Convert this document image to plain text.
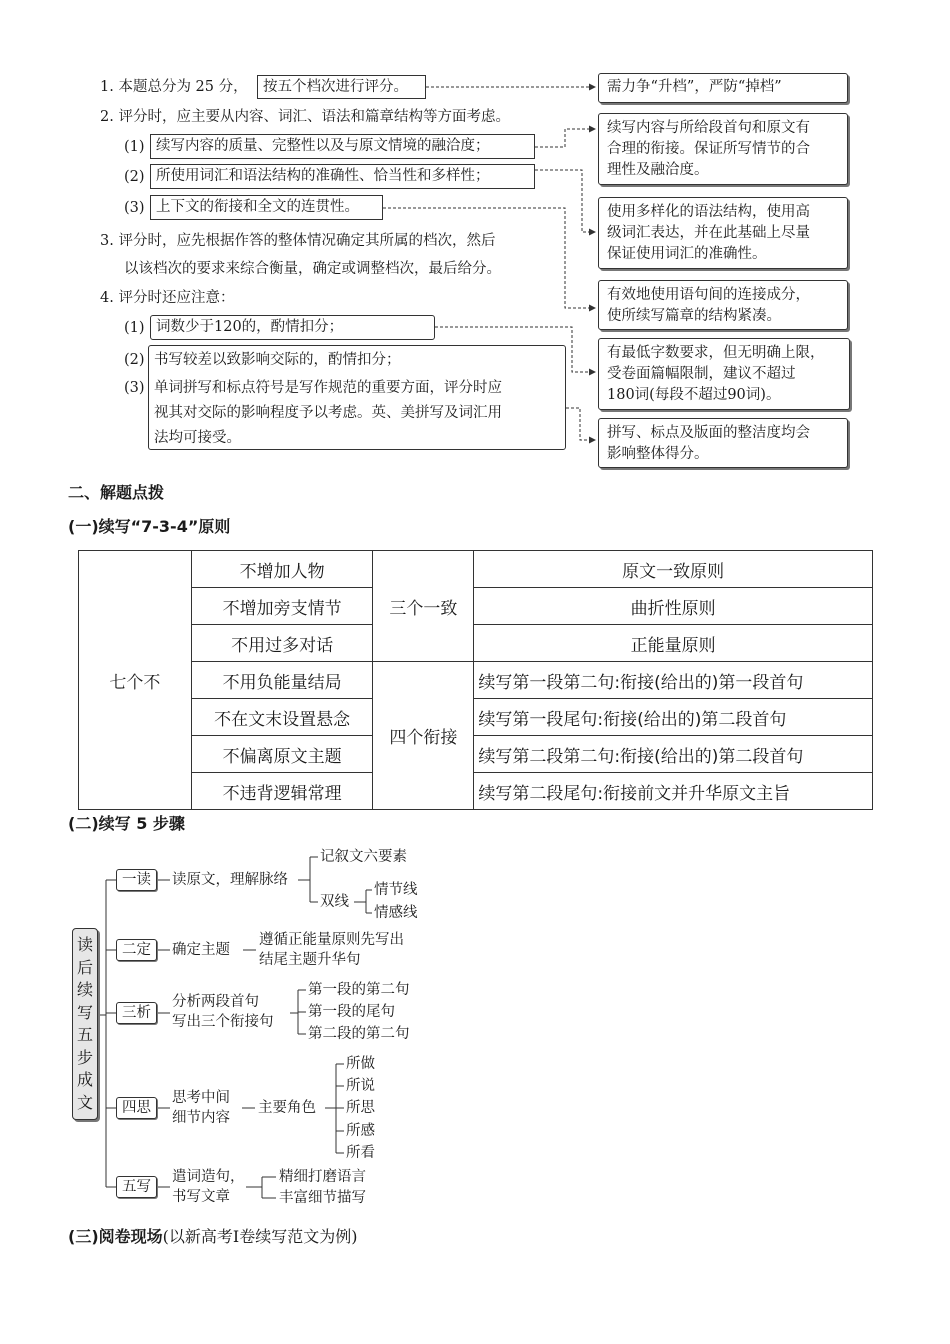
1. 本题总分为 25 分，	按五个档次进行评分。
2. 评分时，应主要从内容、词汇、语法和篇章结构等方面考虑。
(1) 续写内容的质量、完整性以及与原文情境的融洽度；
(2) 所使用词汇和语法结构的准确性、恰当性和多样性；
(3) 上下文的衔接和全文的连贯性。
3. 评分时，应先根据作答的整体情况确定其所属的档次，然后
以该档次的要求来综合衡量，确定或调整档次，最后给分。
4. 评分时还应注意：
(1) 词数少于120的，酌情扣分；
(2) 书写较差以致影响交际的，酌情扣分；
(3) 单词拼写和标点符号是写作规范的重要方面，评分时应
视其对交际的影响程度予以考虑。英、美拼写及词汇用
法均可接受。
需力争“升档”，严防“掉档”
续写内容与所给段首句和原文有
合理的衔接。保证所写情节的合
理性及融洽度。
使用多样化的语法结构，使用高
级词汇表达，并在此基础上尽量
保证使用词汇的准确性。
有效地使用语句间的连接成分，
使所续写篇章的结构紧凑。
有最低字数要求，但无明确上限，
受卷面篇幅限制，建议不超过
180词(每段不超过90词)。
拼写、标点及版面的整洁度均会
影响整体得分。
二、解题点拨
(一)续写“7-3-4”原则
七个不	不增加人物	三个一致	原文一致原则
	不增加旁支情节		曲折性原则
	不用过多对话		正能量原则
	不用负能量结局	四个衔接	续写第一段第二句:衔接(给出的)第一段首句
	不在文末设置悬念		续写第一段尾句:衔接(给出的)第二段首句
	不偏离原文主题		续写第二段第二句:衔接(给出的)第二段首句
	不违背逻辑常理		续写第二段尾句:衔接前文并升华原文主旨
(二)续写 5 步骤
读
后
续
写
五
步
成
文
一读	读原文，理解脉络
记叙文六要素
双线
情节线
情感线
二定	确定主题
遵循正能量原则先写出
结尾主题升华句
三析
分析两段首句
写出三个衔接句
第一段的第二句
第一段的尾句
第二段的第二句
四思
思考中间
细节内容
主要角色
所做
所说
所思
所感
所看
五写
遣词造句，
书写文章
精细打磨语言
丰富细节描写
(三)阅卷现场(以新高考Ⅰ卷续写范文为例)
